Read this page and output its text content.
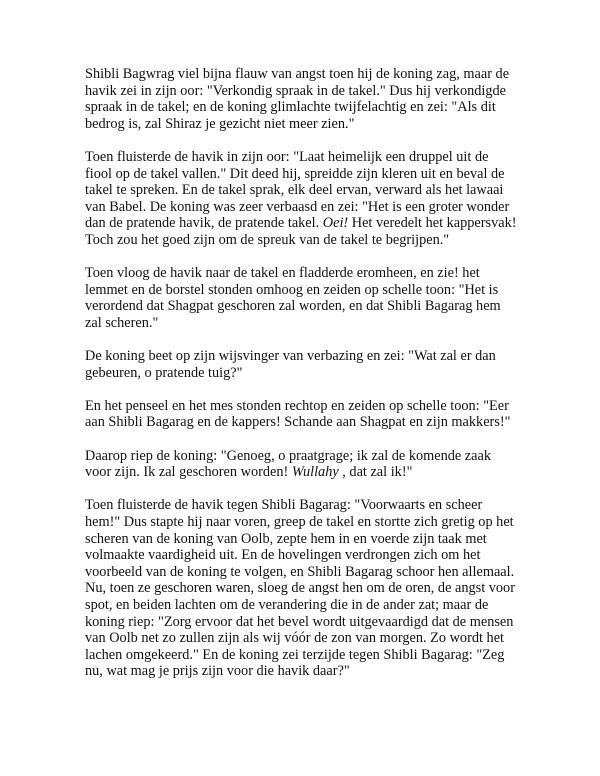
Shibli Bagwrag viel bijna flauw van angst toen hij de koning zag, maar de havik zei in zijn oor: "Verkondig spraak in de takel." Dus hij verkondigde spraak in de takel; en de koning glimlachte twijfelachtig en zei: "Als dit bedrog is, zal Shiraz je gezicht niet meer zien."

Toen fluisterde de havik in zijn oor: "Laat heimelijk een druppel uit de fiool op de takel vallen." Dit deed hij, spreidde zijn kleren uit en beval de takel te spreken. En de takel sprak, elk deel ervan, verward als het lawaai van Babel. De koning was zeer verbaasd en zei: "Het is een groter wonder dan de pratende havik, de pratende takel. Oei! Het veredelt het kappersvak! Toch zou het goed zijn om de spreuk van de takel te begrijpen."

Toen vloog de havik naar de takel en fladderde eromheen, en zie! het lemmet en de borstel stonden omhoog en zeiden op schelle toon: "Het is verordend dat Shagpat geschoren zal worden, en dat Shibli Bagarag hem zal scheren."

De koning beet op zijn wijsvinger van verbazing en zei: "Wat zal er dan gebeuren, o pratende tuig?"

En het penseel en het mes stonden rechtop en zeiden op schelle toon: "Eer aan Shibli Bagarag en de kappers! Schande aan Shagpat en zijn makkers!"

Daarop riep de koning: "Genoeg, o praatgrage; ik zal de komende zaak voor zijn. Ik zal geschoren worden! Wullahy , dat zal ik!"

Toen fluisterde de havik tegen Shibli Bagarag: "Voorwaarts en scheer hem!" Dus stapte hij naar voren, greep de takel en stortte zich gretig op het scheren van de koning van Oolb, zepte hem in en voerde zijn taak met volmaakte vaardigheid uit. En de hovelingen verdrongen zich om het voorbeeld van de koning te volgen, en Shibli Bagarag schoor hen allemaal. Nu, toen ze geschoren waren, sloeg de angst hen om de oren, de angst voor spot, en beiden lachten om de verandering die in de ander zat; maar de koning riep: "Zorg ervoor dat het bevel wordt uitgevaardigd dat de mensen van Oolb net zo zullen zijn als wij vóór de zon van morgen. Zo wordt het lachen omgekeerd." En de koning zei terzijde tegen Shibli Bagarag: "Zeg nu, wat mag je prijs zijn voor die havik daar?"
